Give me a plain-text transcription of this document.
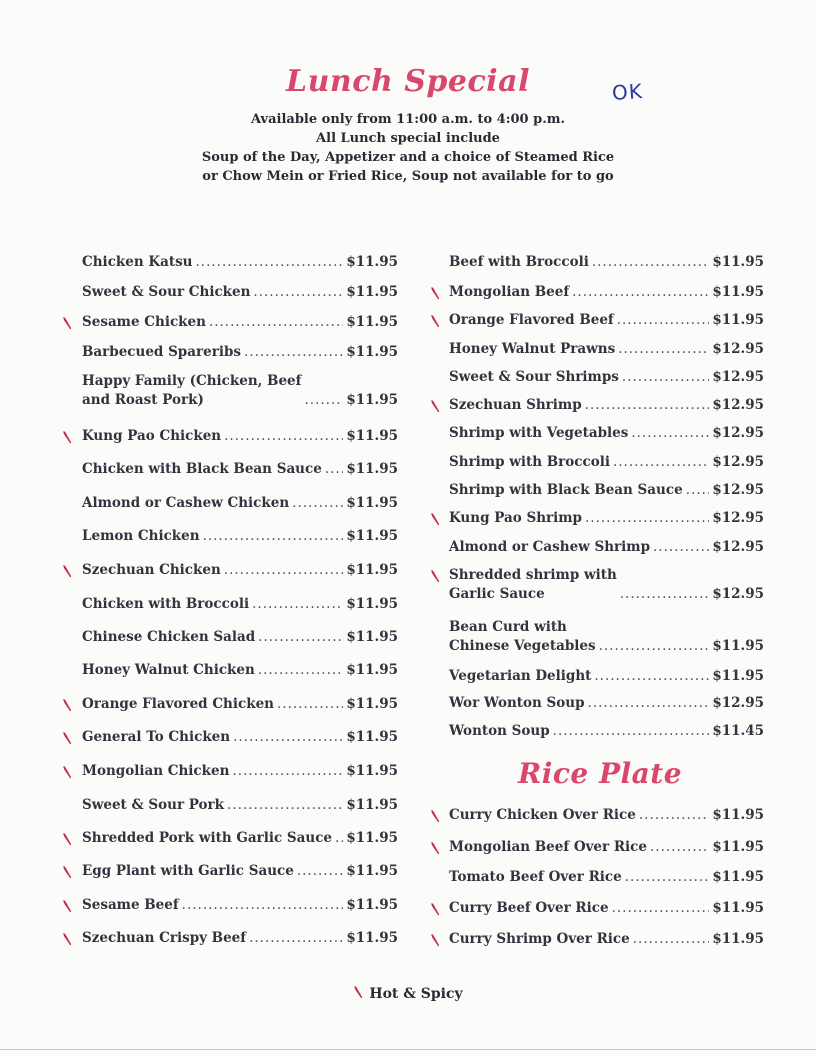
Lunch Special	OK
Available only from 11:00 a.m. to 4:00 p.m.
All Lunch special include
Soup of the Day, Appetizer and a choice of Steamed Rice
or Chow Mein or Fried Rice, Soup not available for to go
Chicken Katsu .....	$11.95
Sweet & Sour Chicken .....	$11.95
Sesame Chicken .....	$11.95
Barbecued Spareribs .....	$11.95
Happy Family (Chicken, Beef
and Roast Pork) .....	$11.95
Kung Pao Chicken .....	$11.95
Chicken with Black Bean Sauce ..... $11.95
Almond or Cashew Chicken .....	$11.95
Lemon Chicken .....	$11.95
Szechuan Chicken .....	$11.95
Chicken with Broccoli .....	$11.95
Chinese Chicken Salad .....	$11.95
Honey Walnut Chicken .....	$11.95
Orange Flavored Chicken .....	$11.95
General To Chicken .....	$11.95
Mongolian Chicken .....	$11.95
Sweet & Sour Pork .....	$11.95
Shredded Pork with Garlic Sauce ..... $11.95
Egg Plant with Garlic Sauce .....	$11.95
Sesame Beef .....	$11.95
Szechuan Crispy Beef .....	$11.95
Beef with Broccoli .....	$11.95
Mongolian Beef .....	$11.95
Orange Flavored Beef .....	$11.95
Honey Walnut Prawns .....	$12.95
Sweet & Sour Shrimps .....	$12.95
Szechuan Shrimp .....	$12.95
Shrimp with Vegetables .....	$12.95
Shrimp with Broccoli .....	$12.95
Shrimp with Black Bean Sauce ..... $12.95
Kung Pao Shrimp .....	$12.95
Almond or Cashew Shrimp .....	$12.95
Shredded shrimp with
Garlic Sauce .....	$12.95
Bean Curd with
Chinese Vegetables .....	$11.95
Vegetarian Delight .....	$11.95
Wor Wonton Soup .....	$12.95
Wonton Soup .....	$11.45
Rice Plate
Curry Chicken Over Rice .....	$11.95
Mongolian Beef Over Rice .....	$11.95
Tomato Beef Over Rice .....	$11.95
Curry Beef Over Rice .....	$11.95
Curry Shrimp Over Rice .....	$11.95
Hot & Spicy
